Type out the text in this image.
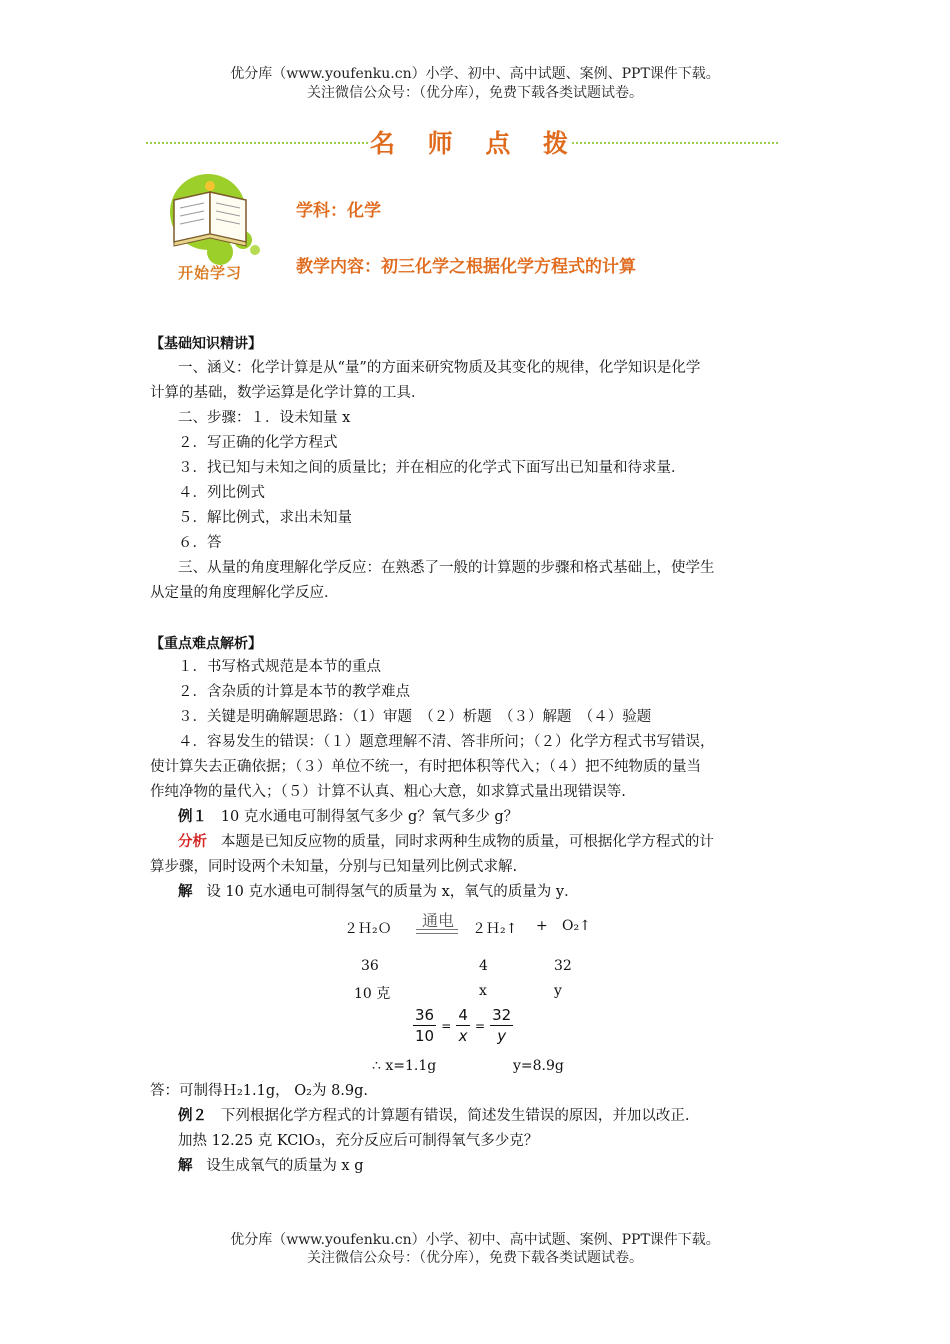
优分库（www.youfenku.cn）小学、初中、高中试题、案例、PPT课件下载。
关注微信公众号：（优分库），免费下载各类试题试卷。
名 师 点 拨
开始学习
学科：化学
教学内容：初三化学之根据化学方程式的计算
【基础知识精讲】
一、涵义：化学计算是从“量”的方面来研究物质及其变化的规律，化学知识是化学
计算的基础，数学运算是化学计算的工具．
二、步骤：１．设未知量 x
２．写正确的化学方程式
３．找已知与未知之间的质量比；并在相应的化学式下面写出已知量和待求量．
４．列比例式
５．解比例式，求出未知量
６．答
三、从量的角度理解化学反应：在熟悉了一般的计算题的步骤和格式基础上，使学生
从定量的角度理解化学反应．
【重点难点解析】
１．书写格式规范是本节的重点
２．含杂质的计算是本节的教学难点
３．关键是明确解题思路：（1）审题　（２）析题　（３）解题　（４）验题
４．容易发生的错误：（１）题意理解不清、答非所问；（２）化学方程式书写错误，
使计算失去正确依据；（３）单位不统一，有时把体积等代入；（４）把不纯物质的量当
作纯净物的量代入；（５）计算不认真、粗心大意，如求算式量出现错误等.
例１ 10 克水通电可制得氢气多少 g？氧气多少 g？
分析 本题是已知反应物的质量，同时求两种生成物的质量，可根据化学方程式的计
算步骤，同时设两个未知量，分别与已知量列比例式求解.
解 设 10 克水通电可制得氢气的质量为 x，氧气的质量为 y．
２Ｈ₂Ｏ	通电	２Ｈ₂↑ + O₂↑
36	4	32
10 克	x	y
$\frac{36}{10} = \frac{4}{x} = \frac{32}{y}$
∴ x=1.1g	y=8.9g
答：可制得Ｈ₂1.1g， O₂为 8.9g.
例２ 下列根据化学方程式的计算题有错误，简述发生错误的原因，并加以改正.
加热 12.25 克 KClO₃，充分反应后可制得氧气多少克？
解 设生成氧气的质量为 x g
优分库（www.youfenku.cn）小学、初中、高中试题、案例、PPT课件下载。
关注微信公众号：（优分库），免费下载各类试题试卷。
